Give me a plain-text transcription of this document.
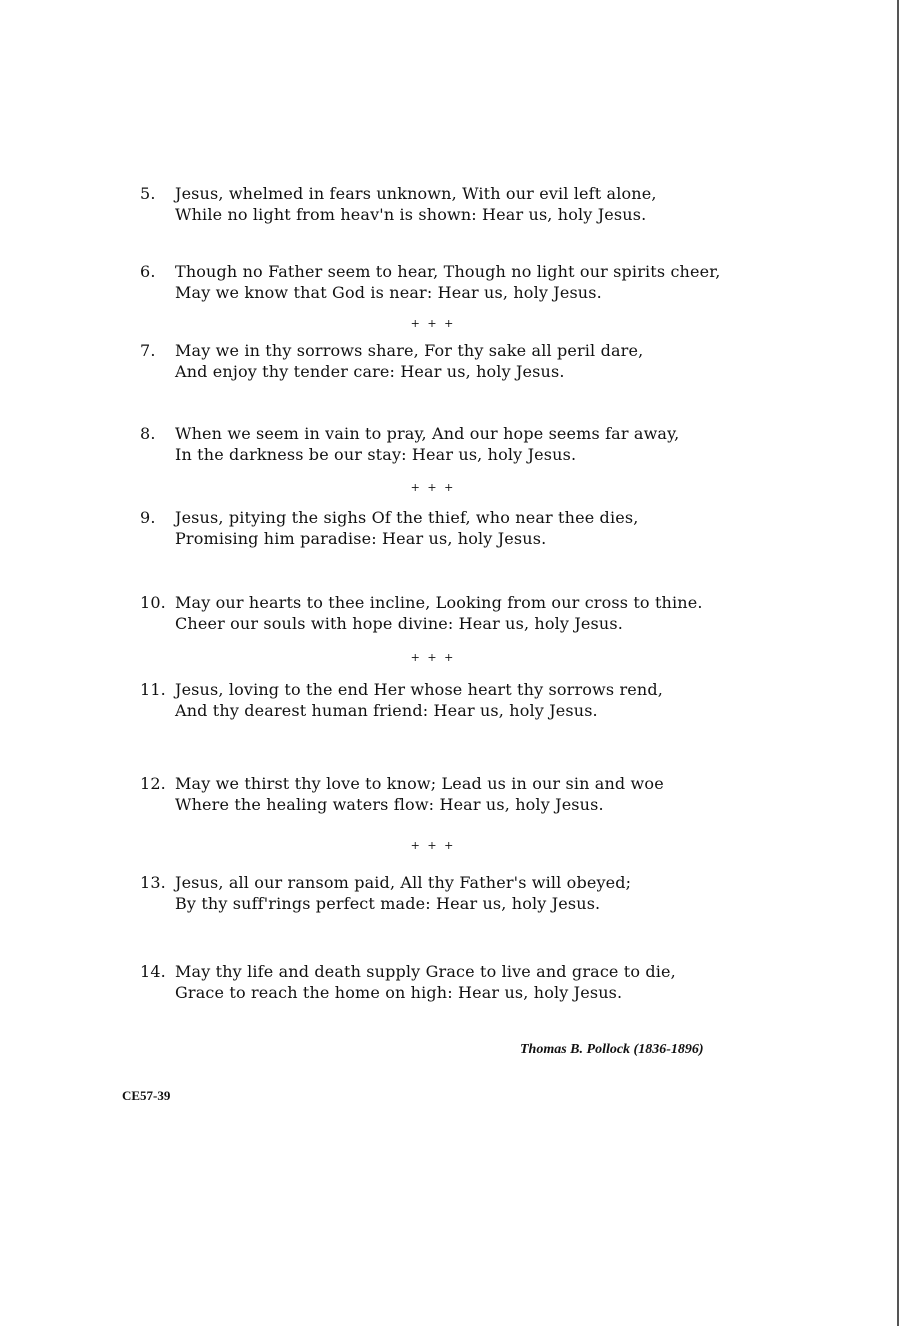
5. Jesus, whelmed in fears unknown, With our evil left alone,
While no light from heav'n is shown: Hear us, holy Jesus.
6. Though no Father seem to hear, Though no light our spirits cheer,
May we know that God is near: Hear us, holy Jesus.
+ + +
7. May we in thy sorrows share, For thy sake all peril dare,
And enjoy thy tender care: Hear us, holy Jesus.
8. When we seem in vain to pray, And our hope seems far away,
In the darkness be our stay: Hear us, holy Jesus.
+ + +
9. Jesus, pitying the sighs Of the thief, who near thee dies,
Promising him paradise: Hear us, holy Jesus.
10. May our hearts to thee incline, Looking from our cross to thine.
Cheer our souls with hope divine: Hear us, holy Jesus.
+ + +
11. Jesus, loving to the end Her whose heart thy sorrows rend,
And thy dearest human friend: Hear us, holy Jesus.
12. May we thirst thy love to know; Lead us in our sin and woe
Where the healing waters flow: Hear us, holy Jesus.
+ + +
13. Jesus, all our ransom paid, All thy Father's will obeyed;
By thy suff'rings perfect made: Hear us, holy Jesus.
14. May thy life and death supply Grace to live and grace to die,
Grace to reach the home on high: Hear us, holy Jesus.
Thomas B. Pollock (1836-1896)
CE57-39
